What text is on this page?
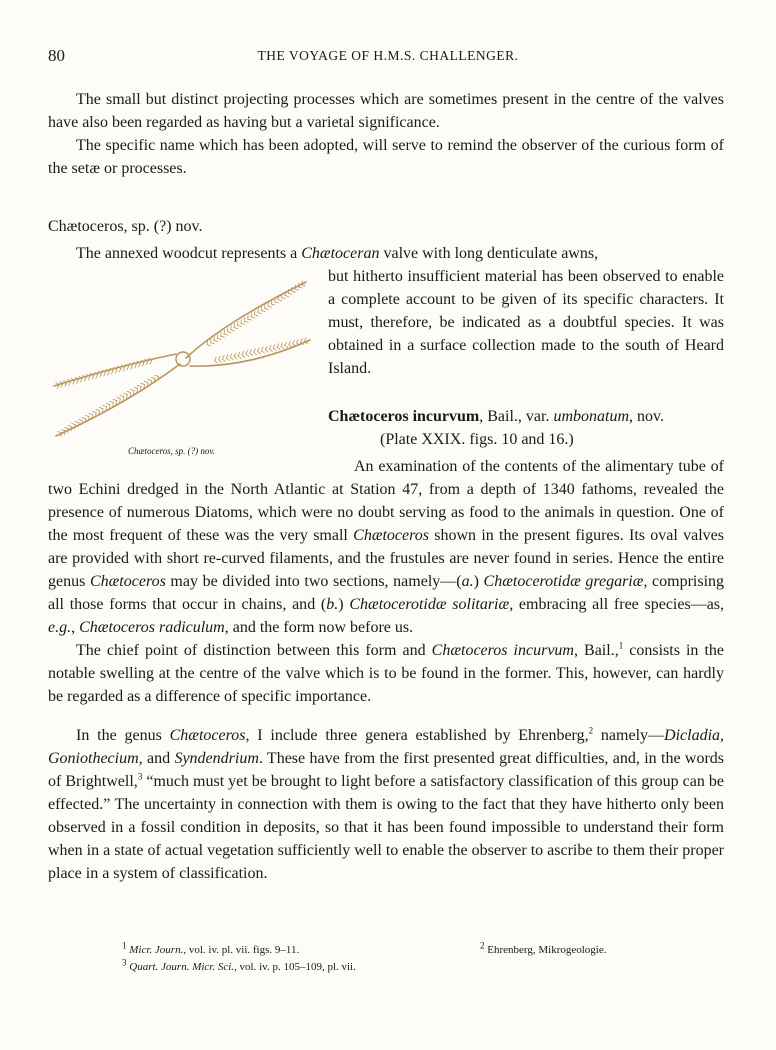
80	THE VOYAGE OF H.M.S. CHALLENGER.

The small but distinct projecting processes which are sometimes present in the centre of the valves have also been regarded as having but a varietal significance.

The specific name which has been adopted, will serve to remind the observer of the curious form of the setæ or processes.

Chætoceros, sp. (?) nov.

The annexed woodcut represents a Chætoceran valve with long denticulate awns,

Chætoceros, sp. (?) nov.
but hitherto insufficient material has been observed to enable a complete account to be given of its specific characters. It must, therefore, be indicated as a doubtful species. It was obtained in a surface collection made to the south of Heard Island.
Chætoceros incurvum, Bail., var. umbonatum, nov.
(Plate XXIX. figs. 10 and 16.)

An examination of the contents of the alimentary tube of two Echini dredged in the North Atlantic at Station 47, from a depth of 1340 fathoms, revealed the presence of numerous Diatoms, which were no doubt serving as food to the animals in question. One of the most frequent of these was the very small Chætoceros shown in the present figures. Its oval valves are provided with short re-curved filaments, and the frustules are never found in series. Hence the entire genus Chætoceros may be divided into two sections, namely—(a.) Chætocerotidæ gregariæ, comprising all those forms that occur in chains, and (b.) Chætocerotidæ solitariæ, embracing all free species—as, e.g., Chætoceros radiculum, and the form now before us.

The chief point of distinction between this form and Chætoceros incurvum, Bail.,$^1$ consists in the notable swelling at the centre of the valve which is to be found in the former. This, however, can hardly be regarded as a difference of specific importance.

In the genus Chætoceros, I include three genera established by Ehrenberg,$^2$ namely—Dicladia, Goniothecium, and Syndendrium. These have from the first presented great difficulties, and, in the words of Brightwell,$^3$ “much must yet be brought to light before a satisfactory classification of this group can be effected.” The uncertainty in connection with them is owing to the fact that they have hitherto only been observed in a fossil condition in deposits, so that it has been found impossible to understand their form when in a state of actual vegetation sufficiently well to enable the observer to ascribe to them their proper place in a system of classification.

$^1$ Micr. Journ., vol. iv. pl. vii. figs. 9–11.	$^2$ Ehrenberg, Mikrogeologie.
$^3$ Quart. Journ. Micr. Sci., vol. iv. p. 105–109, pl. vii.
